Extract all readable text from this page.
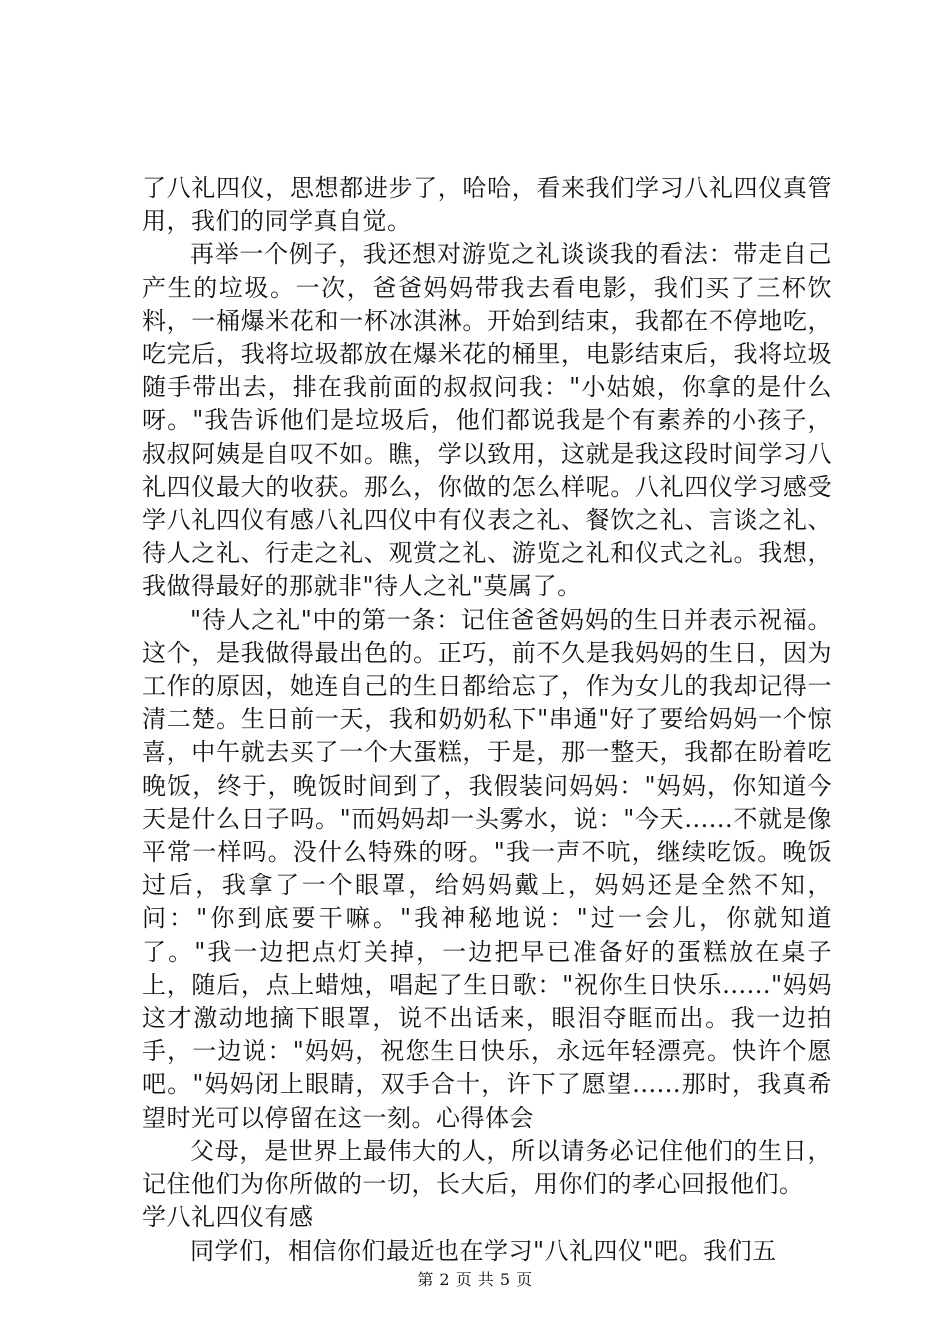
了八礼四仪，思想都进步了，哈哈，看来我们学习八礼四仪真管用，我们的同学真自觉。

再举一个例子，我还想对游览之礼谈谈我的看法：带走自己产生的垃圾。一次，爸爸妈妈带我去看电影，我们买了三杯饮料，一桶爆米花和一杯冰淇淋。开始到结束，我都在不停地吃，吃完后，我将垃圾都放在爆米花的桶里，电影结束后，我将垃圾随手带出去，排在我前面的叔叔问我："小姑娘，你拿的是什么呀。"我告诉他们是垃圾后，他们都说我是个有素养的小孩子，叔叔阿姨是自叹不如。瞧，学以致用，这就是我这段时间学习八礼四仪最大的收获。那么，你做的怎么样呢。八礼四仪学习感受学八礼四仪有感八礼四仪中有仪表之礼、餐饮之礼、言谈之礼、待人之礼、行走之礼、观赏之礼、游览之礼和仪式之礼。我想，我做得最好的那就非"待人之礼"莫属了。

"待人之礼"中的第一条：记住爸爸妈妈的生日并表示祝福。这个，是我做得最出色的。正巧，前不久是我妈妈的生日，因为工作的原因，她连自己的生日都给忘了，作为女儿的我却记得一清二楚。生日前一天，我和奶奶私下"串通"好了要给妈妈一个惊喜，中午就去买了一个大蛋糕，于是，那一整天，我都在盼着吃晚饭，终于，晚饭时间到了，我假装问妈妈："妈妈，你知道今天是什么日子吗。"而妈妈却一头雾水，说："今天......不就是像平常一样吗。没什么特殊的呀。"我一声不吭，继续吃饭。晚饭过后，我拿了一个眼罩，给妈妈戴上，妈妈还是全然不知，问："你到底要干嘛。"我神秘地说："过一会儿，你就知道了。"我一边把点灯关掉，一边把早已准备好的蛋糕放在桌子上，随后，点上蜡烛，唱起了生日歌："祝你生日快乐......"妈妈这才激动地摘下眼罩，说不出话来，眼泪夺眶而出。我一边拍手，一边说："妈妈，祝您生日快乐，永远年轻漂亮。快许个愿吧。"妈妈闭上眼睛，双手合十，许下了愿望......那时，我真希望时光可以停留在这一刻。心得体会

父母，是世界上最伟大的人，所以请务必记住他们的生日，记住他们为你所做的一切，长大后，用你们的孝心回报他们。

学八礼四仪有感

同学们，相信你们最近也在学习"八礼四仪"吧。我们五

第 2 页 共 5 页
